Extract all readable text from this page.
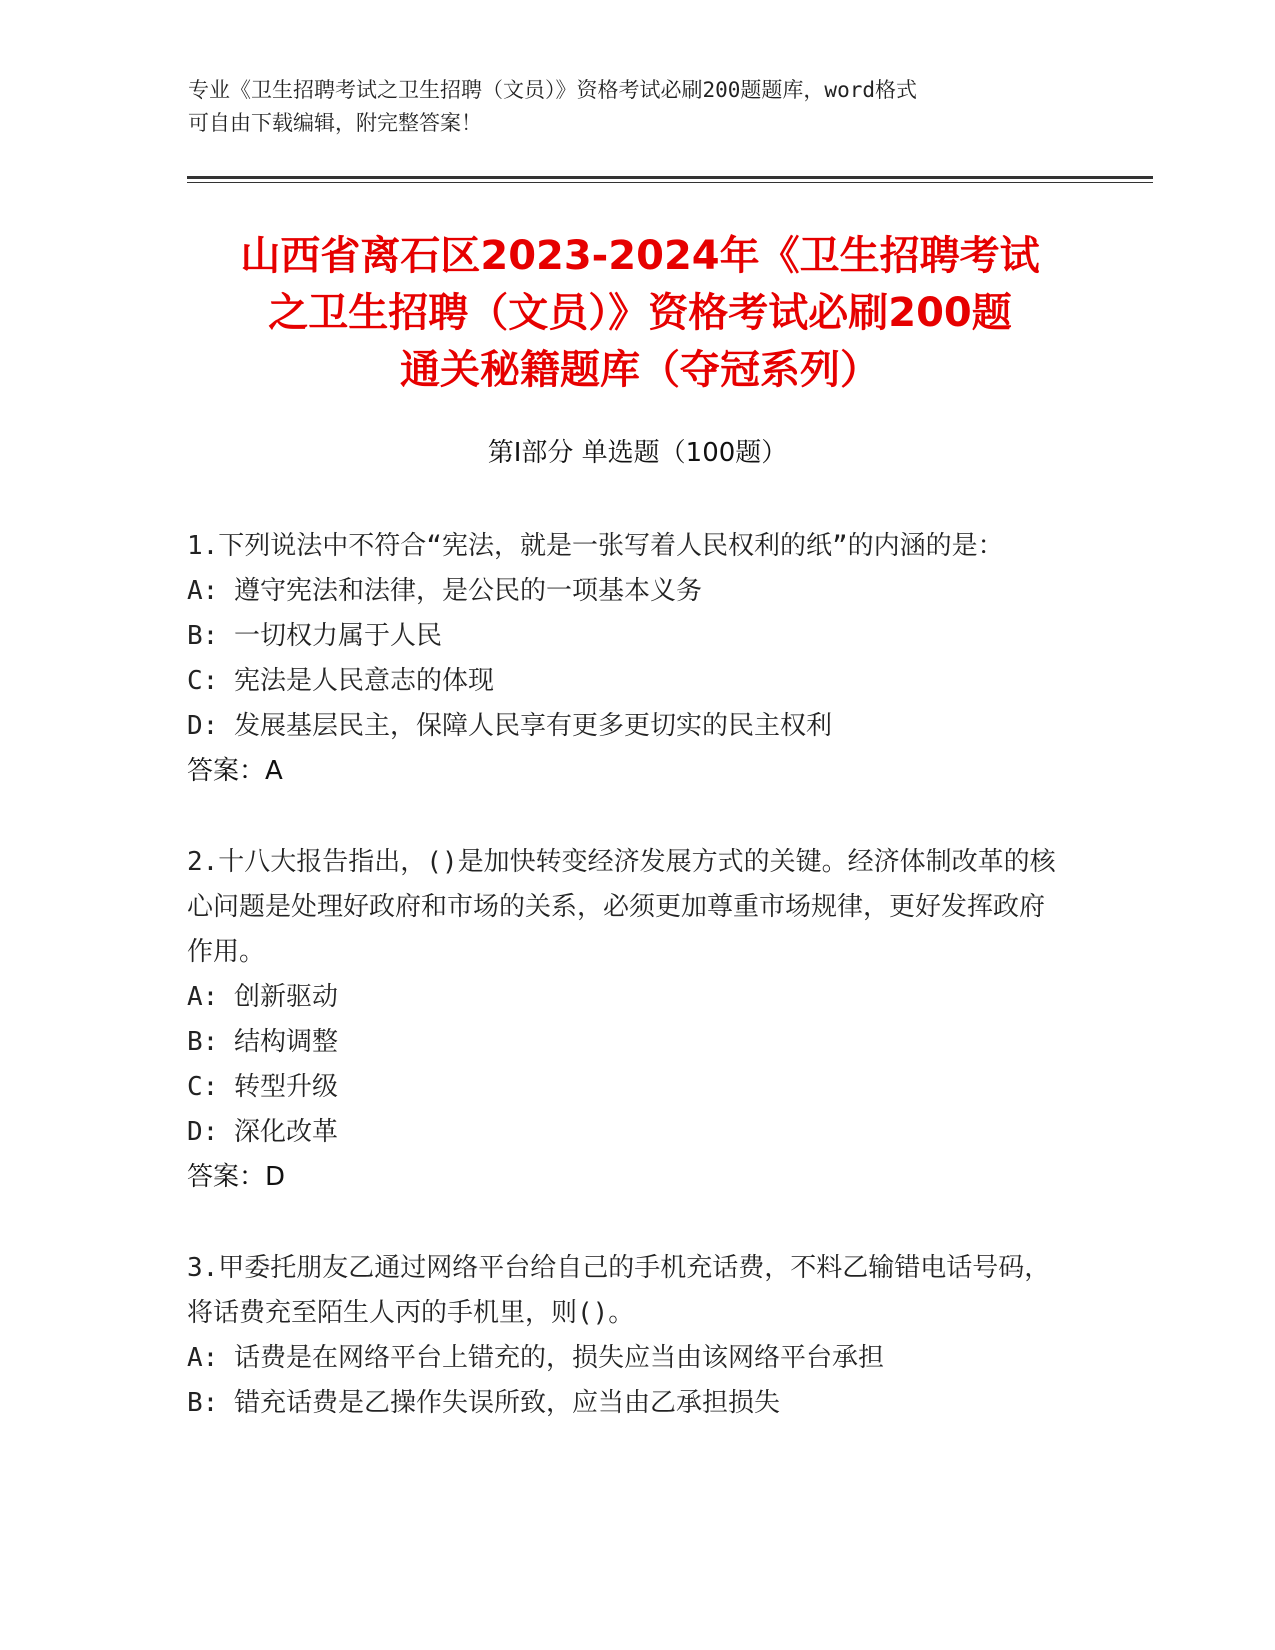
专业《卫生招聘考试之卫生招聘（文员）》资格考试必刷200题题库，word格式
可自由下载编辑，附完整答案！
山西省离石区2023-2024年《卫生招聘考试
之卫生招聘（文员）》资格考试必刷200题
通关秘籍题库（夺冠系列）
第Ⅰ部分 单选题（100题）

1.下列说法中不符合“宪法，就是一张写着人民权利的纸”的内涵的是：

A: 遵守宪法和法律，是公民的一项基本义务

B: 一切权力属于人民

C: 宪法是人民意志的体现

D: 发展基层民主，保障人民享有更多更切实的民主权利

答案：A

2.十八大报告指出，()是加快转变经济发展方式的关键。经济体制改革的核心问题是处理好政府和市场的关系，必须更加尊重市场规律，更好发挥政府作用。

A: 创新驱动

B: 结构调整

C: 转型升级

D: 深化改革

答案：D

3.甲委托朋友乙通过网络平台给自己的手机充话费，不料乙输错电话号码，将话费充至陌生人丙的手机里，则()。

A: 话费是在网络平台上错充的，损失应当由该网络平台承担

B: 错充话费是乙操作失误所致，应当由乙承担损失
